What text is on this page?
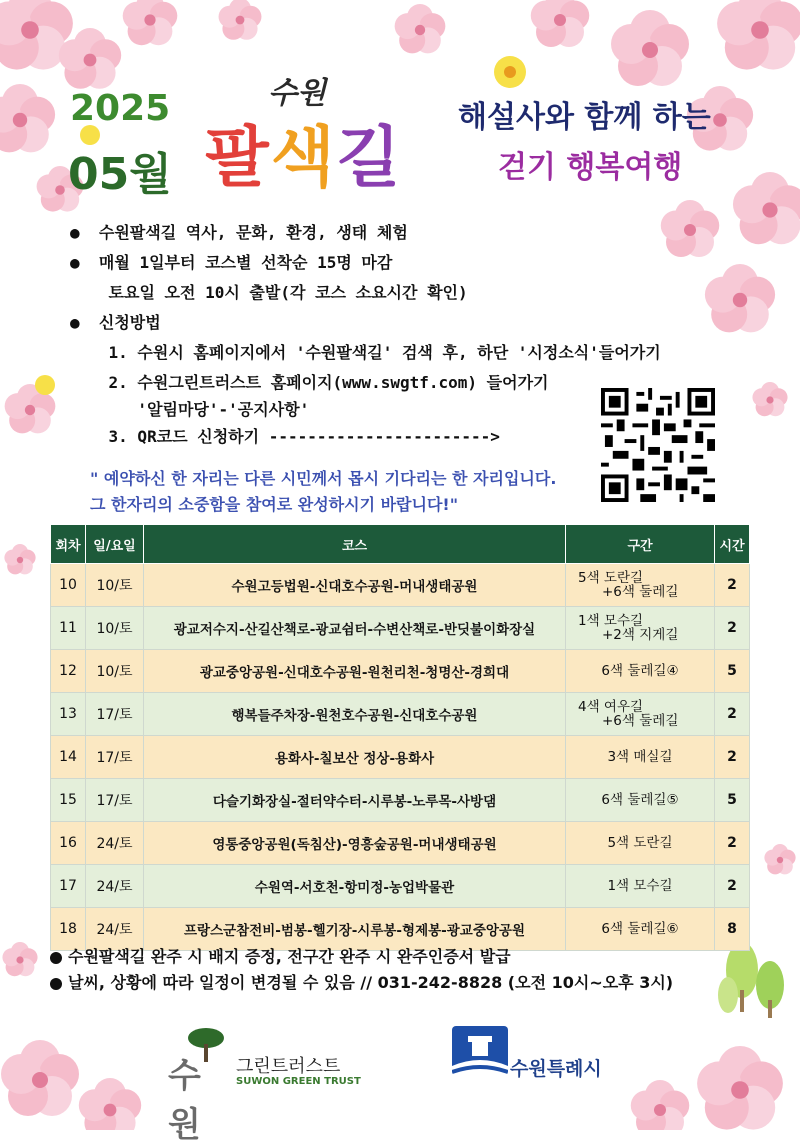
2025
05월
수원
팔색길
해설사와 함께 하는
걷기 행복여행
●  수원팔색길 역사, 문화, 환경, 생태 체험
●  매월 1일부터 코스별 선착순 15명 마감
토요일 오전 10시 출발(각 코스 소요시간 확인)
●  신청방법
1. 수원시 홈페이지에서 '수원팔색길' 검색 후, 하단 '시정소식'들어가기
2. 수원그린트러스트 홈페이지(www.swgtf.com) 들어가기
'알림마당'-'공지사항'
3. QR코드 신청하기 ----------------------->
" 예약하신 한 자리는 다른 시민께서 몹시 기다리는 한 자리입니다.
그 한자리의 소중함을 참여로 완성하시기 바랍니다!"
회차	일/요일	코스	구간	시간
10	10/토	수원고등법원-신대호수공원-머내생태공원	5색 도란길
+6색 둘레길	2
11	10/토	광교저수지-산길산책로-광교쉼터-수변산책로-반딧불이화장실	1색 모수길
+2색 지게길	2
12	10/토	광교중앙공원-신대호수공원-원천리천-청명산-경희대	6색 둘레길④	5
13	17/토	행복들주차장-원천호수공원-신대호수공원	4색 여우길
+6색 둘레길	2
14	17/토	용화사-칠보산 정상-용화사	3색 매실길	2
15	17/토	다슬기화장실-절터약수터-시루봉-노루목-사방댐	6색 둘레길⑤	5
16	24/토	영통중앙공원(독침산)-영흥숲공원-머내생태공원	5색 도란길	2
17	24/토	수원역-서호천-항미정-농업박물관	1색 모수길	2
18	24/토	프랑스군참전비-범봉-헬기장-시루봉-형제봉-광교중앙공원	6색 둘레길⑥	8
수원팔색길 완주 시 배지 증정, 전구간 완주 시 완주인증서 발급
날씨, 상황에 따라 일정이 변경될 수 있음 // 031-242-8828 (오전 10시~오후 3시)
수원
그린트러스트
SUWON GREEN TRUST
수원특례시
